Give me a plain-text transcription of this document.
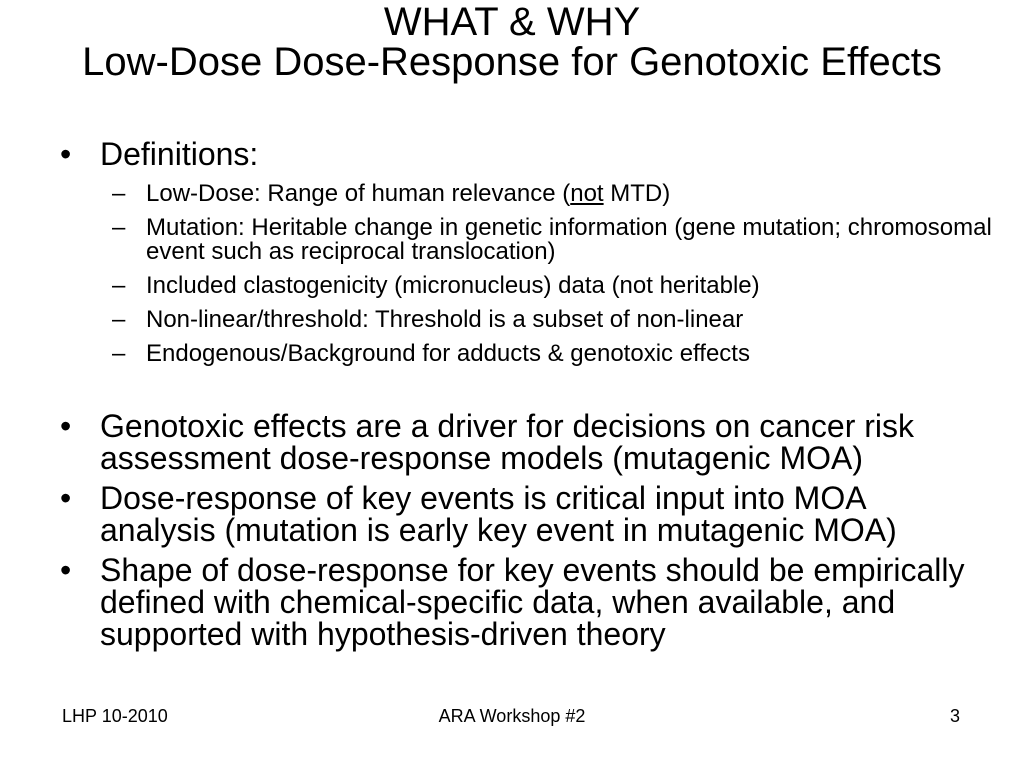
WHAT & WHY
Low-Dose Dose-Response for Genotoxic Effects
• Definitions:
– Low-Dose: Range of human relevance (not MTD)
– Mutation: Heritable change in genetic information (gene mutation; chromosomal event such as reciprocal translocation)
– Included clastogenicity (micronucleus) data (not heritable)
– Non-linear/threshold: Threshold is a subset of non-linear
– Endogenous/Background for adducts & genotoxic effects
• Genotoxic effects are a driver for decisions on cancer risk assessment dose-response models (mutagenic MOA)
• Dose-response of key events is critical input into MOA analysis (mutation is early key event in mutagenic MOA)
• Shape of dose-response for key events should be empirically defined with chemical-specific data, when available, and supported with hypothesis-driven theory
LHP 10-2010	ARA Workshop #2	3
